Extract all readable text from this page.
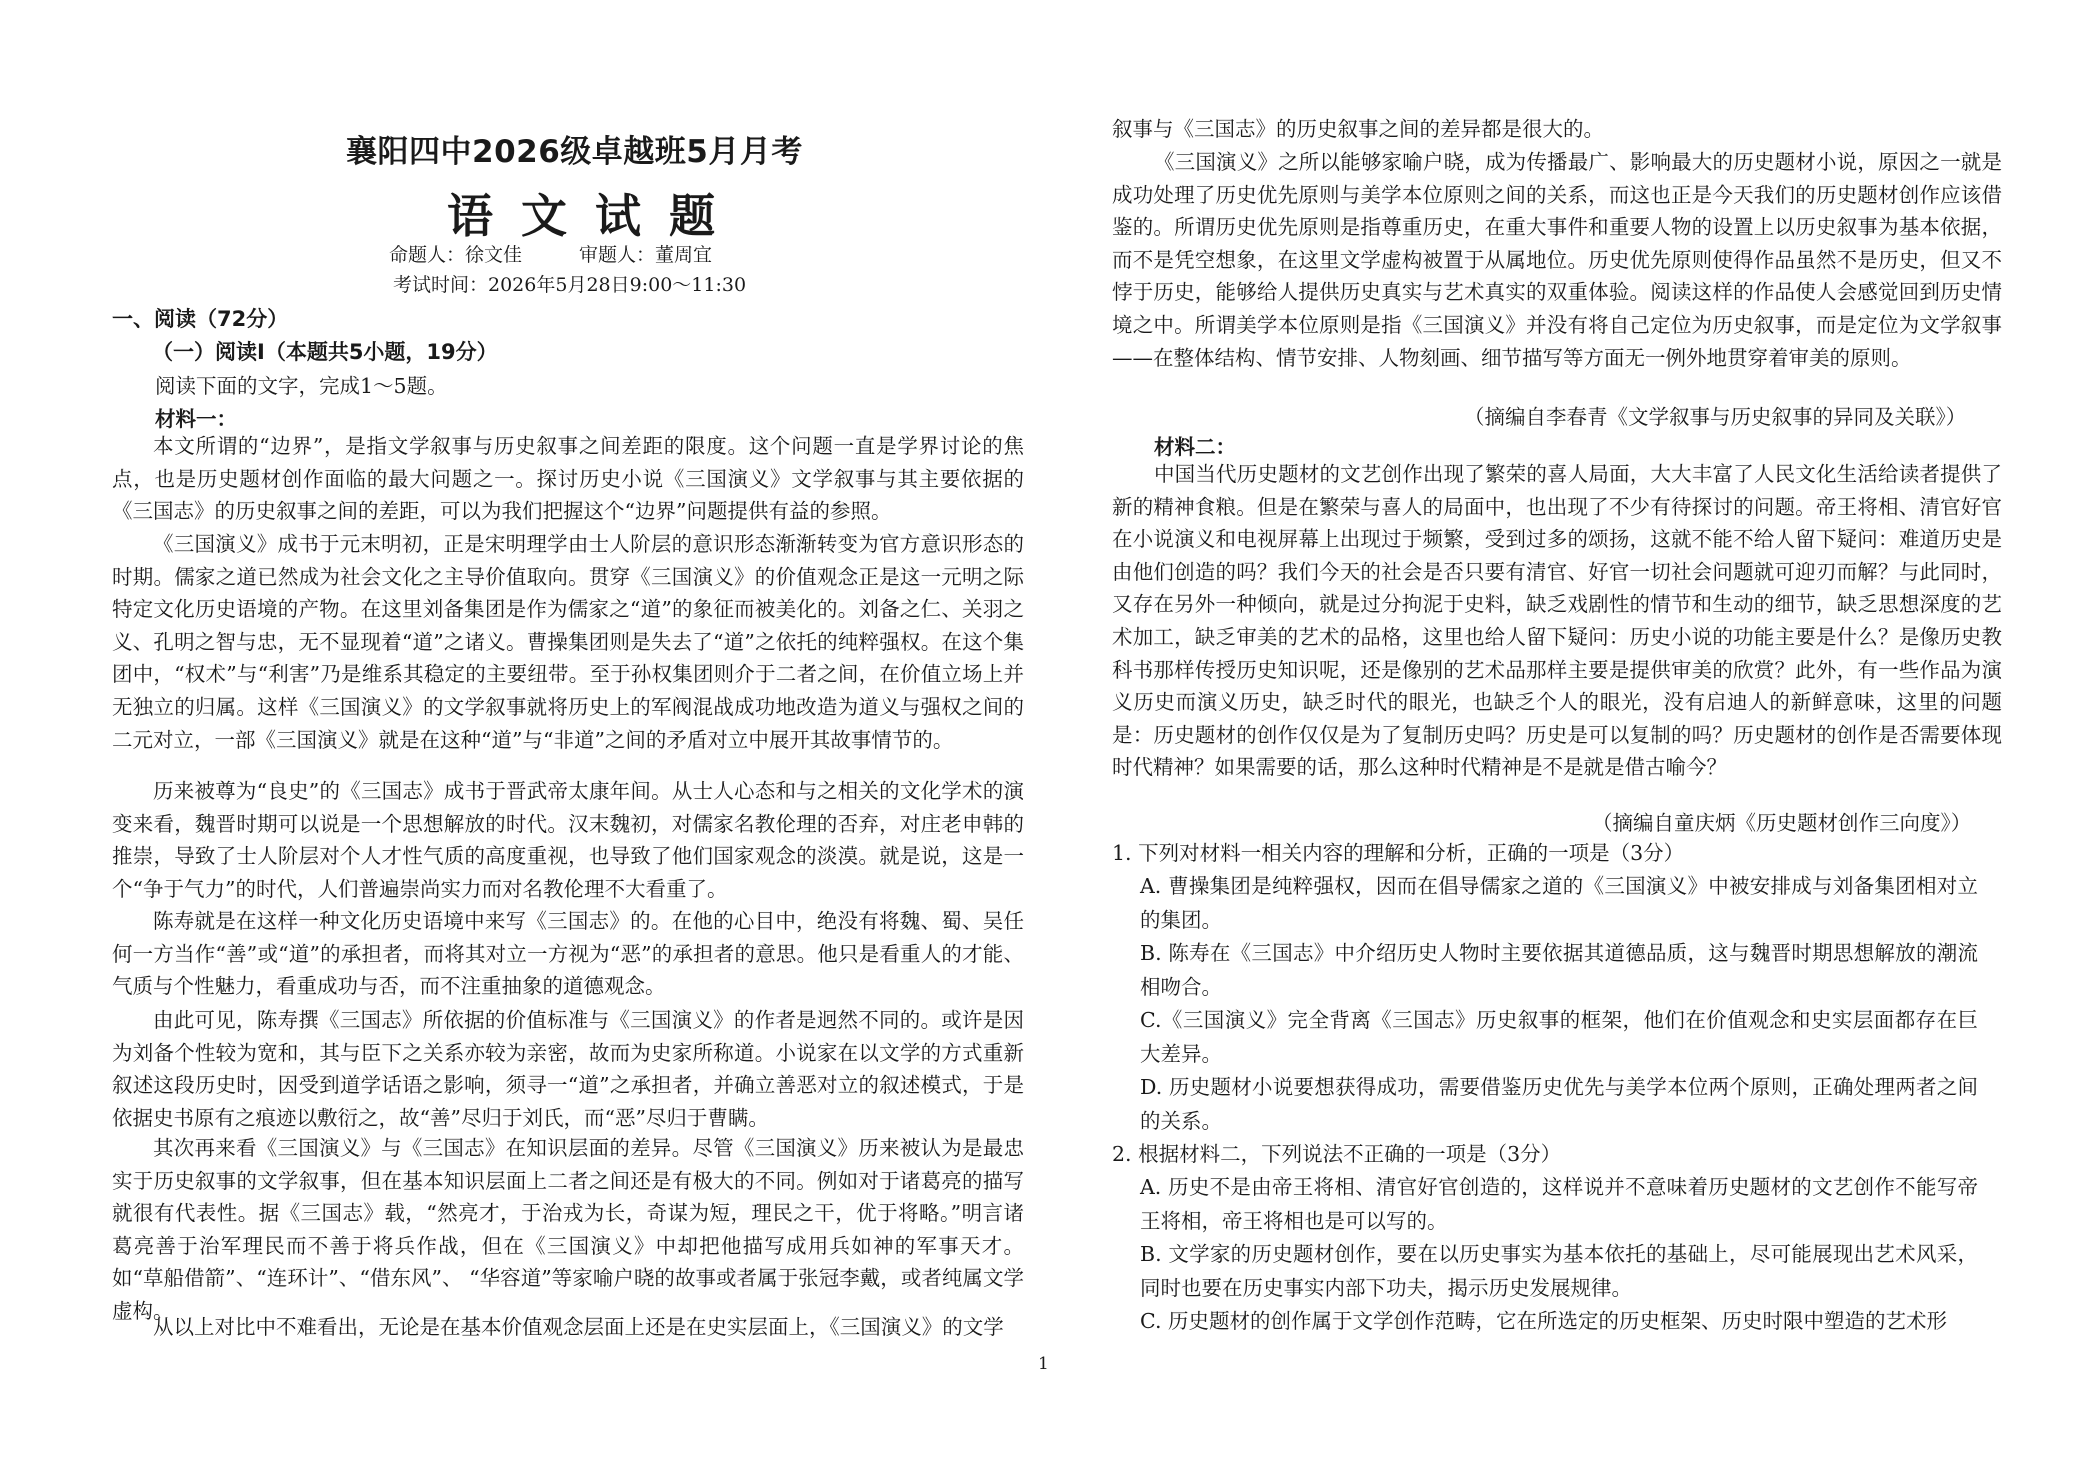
襄阳四中2026级卓越班5月月考
语 文 试 题
命题人：徐文佳　　　审题人：董周宜
考试时间：2026年5月28日9:00～11:30
一、阅读（72分）
（一）阅读Ⅰ（本题共5小题，19分）
阅读下面的文字，完成1～5题。
材料一：

本文所谓的“边界”，是指文学叙事与历史叙事之间差距的限度。这个问题一直是学界讨论的焦点，也是历史题材创作面临的最大问题之一。探讨历史小说《三国演义》文学叙事与其主要依据的《三国志》的历史叙事之间的差距，可以为我们把握这个“边界”问题提供有益的参照。

《三国演义》成书于元末明初，正是宋明理学由士人阶层的意识形态渐渐转变为官方意识形态的时期。儒家之道已然成为社会文化之主导价值取向。贯穿《三国演义》的价值观念正是这一元明之际特定文化历史语境的产物。在这里刘备集团是作为儒家之“道”的象征而被美化的。刘备之仁、关羽之义、孔明之智与忠，无不显现着“道”之诸义。曹操集团则是失去了“道”之依托的纯粹强权。在这个集团中，“权术”与“利害”乃是维系其稳定的主要纽带。至于孙权集团则介于二者之间，在价值立场上并无独立的归属。这样《三国演义》的文学叙事就将历史上的军阀混战成功地改造为道义与强权之间的二元对立，一部《三国演义》就是在这种“道”与“非道”之间的矛盾对立中展开其故事情节的。

历来被尊为“良史”的《三国志》成书于晋武帝太康年间。从士人心态和与之相关的文化学术的演变来看，魏晋时期可以说是一个思想解放的时代。汉末魏初，对儒家名教伦理的否弃，对庄老申韩的推崇，导致了士人阶层对个人才性气质的高度重视，也导致了他们国家观念的淡漠。就是说，这是一个“争于气力”的时代，人们普遍崇尚实力而对名教伦理不大看重了。

陈寿就是在这样一种文化历史语境中来写《三国志》的。在他的心目中，绝没有将魏、蜀、吴任何一方当作“善”或“道”的承担者，而将其对立一方视为“恶”的承担者的意思。他只是看重人的才能、气质与个性魅力，看重成功与否，而不注重抽象的道德观念。

由此可见，陈寿撰《三国志》所依据的价值标准与《三国演义》的作者是迥然不同的。或许是因为刘备个性较为宽和，其与臣下之关系亦较为亲密，故而为史家所称道。小说家在以文学的方式重新叙述这段历史时，因受到道学话语之影响，须寻一“道”之承担者，并确立善恶对立的叙述模式，于是依据史书原有之痕迹以敷衍之，故“善”尽归于刘氏，而“恶”尽归于曹瞒。

其次再来看《三国演义》与《三国志》在知识层面的差异。尽管《三国演义》历来被认为是最忠实于历史叙事的文学叙事，但在基本知识层面上二者之间还是有极大的不同。例如对于诸葛亮的描写就很有代表性。据《三国志》载，“然亮才，于治戎为长，奇谋为短，理民之干，优于将略。”明言诸葛亮善于治军理民而不善于将兵作战，但在《三国演义》中却把他描写成用兵如神的军事天才。如“草船借箭”、“连环计”、“借东风”、 “华容道”等家喻户晓的故事或者属于张冠李戴，或者纯属文学虚构。

从以上对比中不难看出，无论是在基本价值观念层面上还是在史实层面上，《三国演义》的文学

叙事与《三国志》的历史叙事之间的差异都是很大的。

《三国演义》之所以能够家喻户晓，成为传播最广、影响最大的历史题材小说，原因之一就是成功处理了历史优先原则与美学本位原则之间的关系，而这也正是今天我们的历史题材创作应该借鉴的。所谓历史优先原则是指尊重历史，在重大事件和重要人物的设置上以历史叙事为基本依据，而不是凭空想象，在这里文学虚构被置于从属地位。历史优先原则使得作品虽然不是历史，但又不悖于历史，能够给人提供历史真实与艺术真实的双重体验。阅读这样的作品使人会感觉回到历史情境之中。所谓美学本位原则是指《三国演义》并没有将自己定位为历史叙事，而是定位为文学叙事——在整体结构、情节安排、人物刻画、细节描写等方面无一例外地贯穿着审美的原则。

（摘编自李春青《文学叙事与历史叙事的异同及关联》）
材料二：

中国当代历史题材的文艺创作出现了繁荣的喜人局面，大大丰富了人民文化生活给读者提供了新的精神食粮。但是在繁荣与喜人的局面中，也出现了不少有待探讨的问题。帝王将相、清官好官在小说演义和电视屏幕上出现过于频繁，受到过多的颂扬，这就不能不给人留下疑问：难道历史是由他们创造的吗？我们今天的社会是否只要有清官、好官一切社会问题就可迎刃而解？与此同时，又存在另外一种倾向，就是过分拘泥于史料，缺乏戏剧性的情节和生动的细节，缺乏思想深度的艺术加工，缺乏审美的艺术的品格，这里也给人留下疑问：历史小说的功能主要是什么？是像历史教科书那样传授历史知识呢，还是像别的艺术品那样主要是提供审美的欣赏？此外，有一些作品为演义历史而演义历史，缺乏时代的眼光，也缺乏个人的眼光，没有启迪人的新鲜意味，这里的问题是：历史题材的创作仅仅是为了复制历史吗？历史是可以复制的吗？历史题材的创作是否需要体现时代精神？如果需要的话，那么这种时代精神是不是就是借古喻今？

（摘编自童庆炳《历史题材创作三向度》）

1. 下列对材料一相关内容的理解和分析，正确的一项是（3分）

A. 曹操集团是纯粹强权，因而在倡导儒家之道的《三国演义》中被安排成与刘备集团相对立的集团。

B. 陈寿在《三国志》中介绍历史人物时主要依据其道德品质，这与魏晋时期思想解放的潮流相吻合。

C.《三国演义》完全背离《三国志》历史叙事的框架，他们在价值观念和史实层面都存在巨大差异。

D. 历史题材小说要想获得成功，需要借鉴历史优先与美学本位两个原则，正确处理两者之间的关系。

2. 根据材料二，下列说法不正确的一项是（3分）

A. 历史不是由帝王将相、清官好官创造的，这样说并不意味着历史题材的文艺创作不能写帝王将相，帝王将相也是可以写的。

B. 文学家的历史题材创作，要在以历史事实为基本依托的基础上，尽可能展现出艺术风采，同时也要在历史事实内部下功夫，揭示历史发展规律。

C. 历史题材的创作属于文学创作范畴，它在所选定的历史框架、历史时限中塑造的艺术形

1
